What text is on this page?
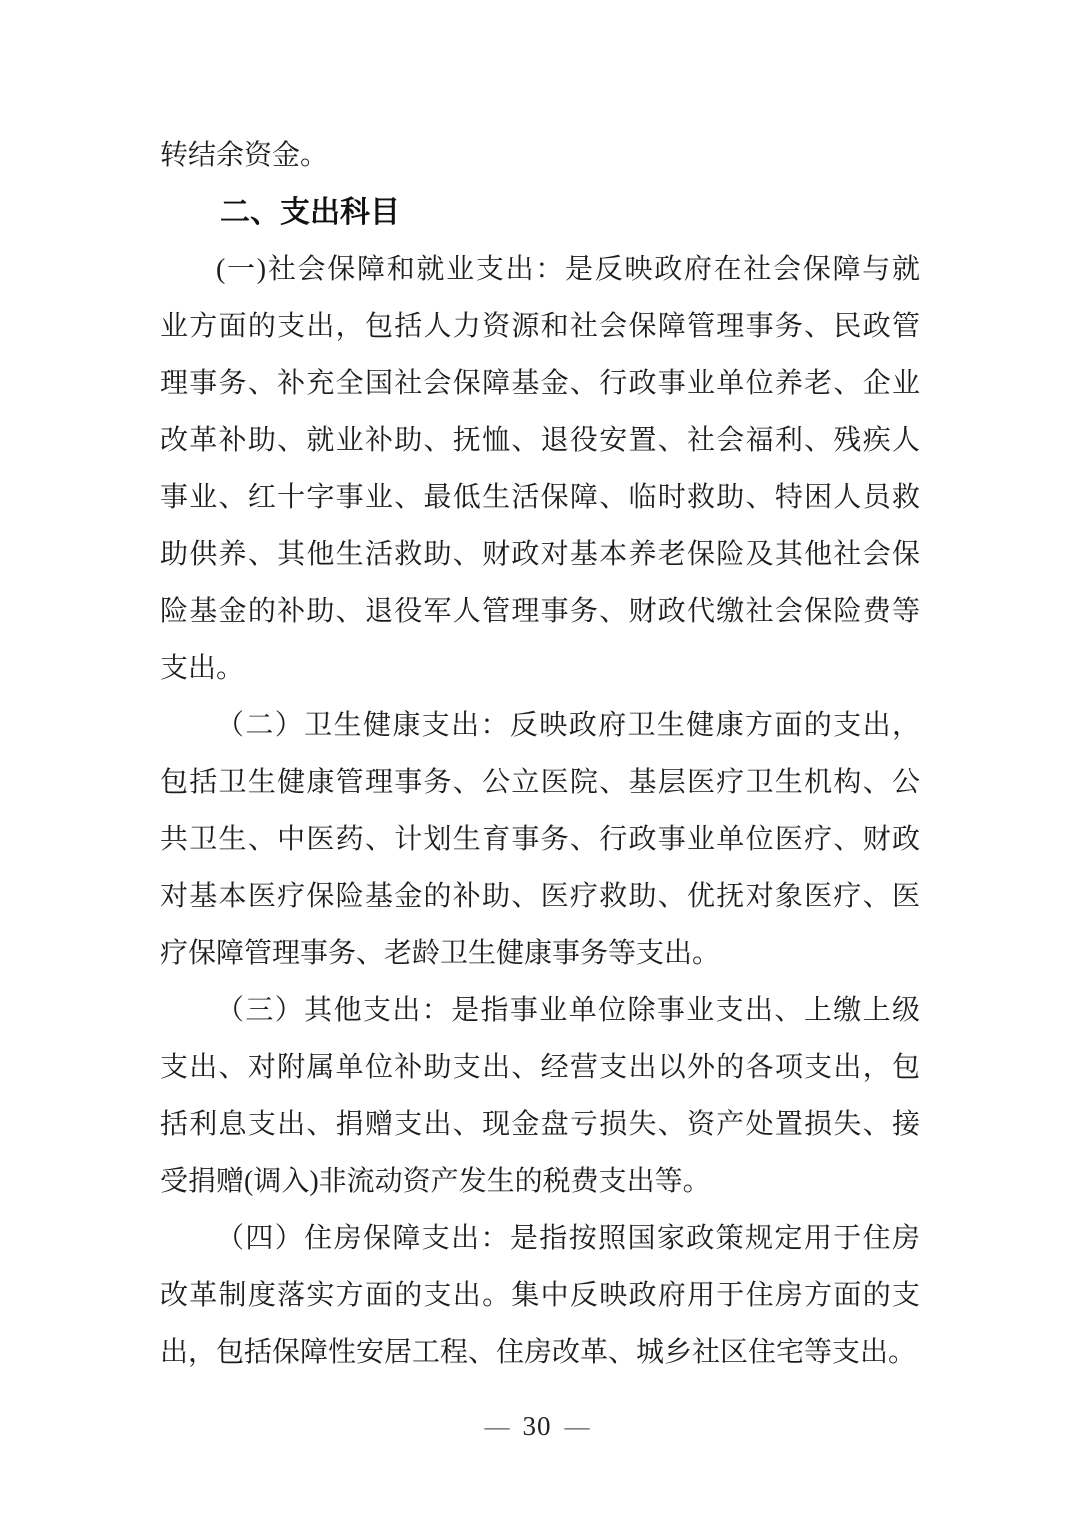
转结余资金。
二、支出科目
(一)社会保障和就业支出：是反映政府在社会保障与就
业方面的支出，包括人力资源和社会保障管理事务、民政管
理事务、补充全国社会保障基金、行政事业单位养老、企业
改革补助、就业补助、抚恤、退役安置、社会福利、残疾人
事业、红十字事业、最低生活保障、临时救助、特困人员救
助供养、其他生活救助、财政对基本养老保险及其他社会保
险基金的补助、退役军人管理事务、财政代缴社会保险费等
支出。
（二）卫生健康支出：反映政府卫生健康方面的支出，
包括卫生健康管理事务、公立医院、基层医疗卫生机构、公
共卫生、中医药、计划生育事务、行政事业单位医疗、财政
对基本医疗保险基金的补助、医疗救助、优抚对象医疗、医
疗保障管理事务、老龄卫生健康事务等支出。
（三）其他支出：是指事业单位除事业支出、上缴上级
支出、对附属单位补助支出、经营支出以外的各项支出，包
括利息支出、捐赠支出、现金盘亏损失、资产处置损失、接
受捐赠(调入)非流动资产发生的税费支出等。
（四）住房保障支出：是指按照国家政策规定用于住房
改革制度落实方面的支出。集中反映政府用于住房方面的支
出，包括保障性安居工程、住房改革、城乡社区住宅等支出。
— 30 —
